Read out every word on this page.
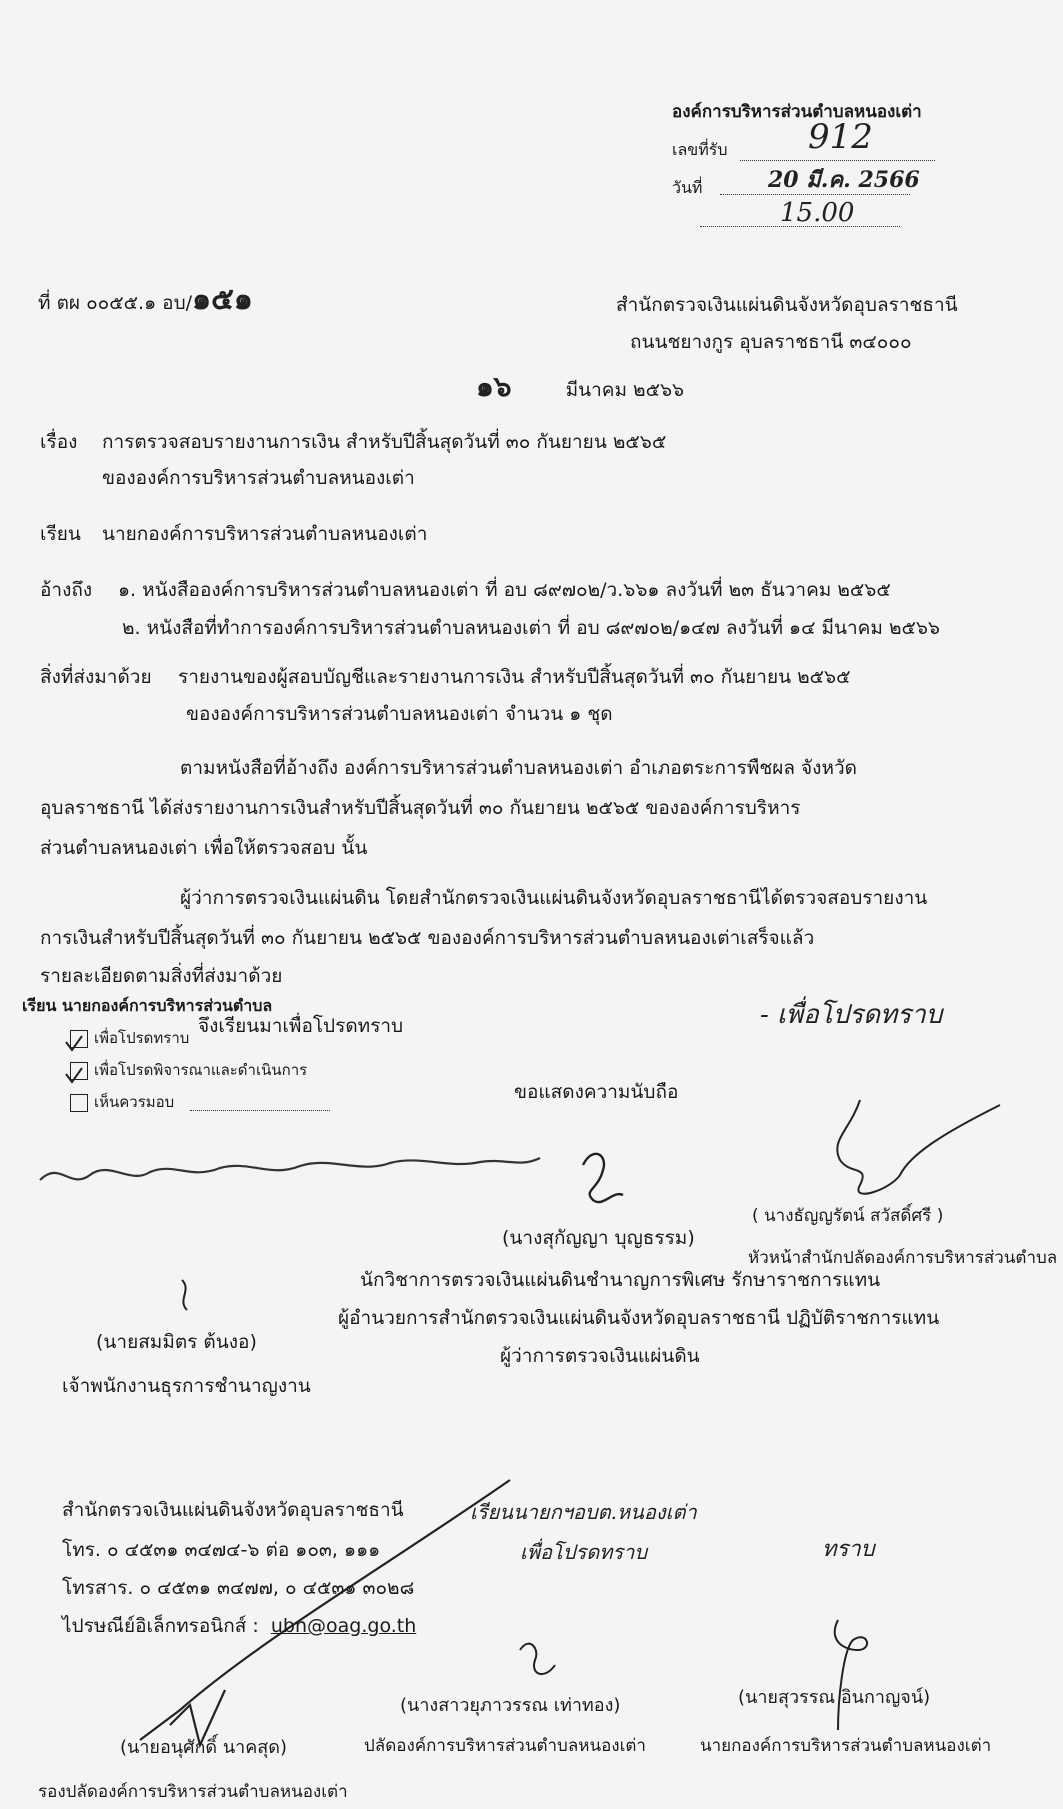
องค์การบริหารส่วนตำบลหนองเต่า
เลขที่รับ 912
วันที่	20 มี.ค. 2566
15.00
ที่ ตผ ๐๐๕๕.๑ อบ/๑๕๑	สำนักตรวจเงินแผ่นดินจังหวัดอุบลราชธานี
ถนนชยางกูร อุบลราชธานี ๓๔๐๐๐
๑๖	มีนาคม ๒๕๖๖
เรื่อง การตรวจสอบรายงานการเงิน สำหรับปีสิ้นสุดวันที่ ๓๐ กันยายน ๒๕๖๕
ขององค์การบริหารส่วนตำบลหนองเต่า
เรียน นายกองค์การบริหารส่วนตำบลหนองเต่า
อ้างถึง ๑. หนังสือองค์การบริหารส่วนตำบลหนองเต่า ที่ อบ ๘๙๗๐๒/ว.๖๖๑ ลงวันที่ ๒๓ ธันวาคม ๒๕๖๕
๒. หนังสือที่ทำการองค์การบริหารส่วนตำบลหนองเต่า ที่ อบ ๘๙๗๐๒/๑๔๗ ลงวันที่ ๑๔ มีนาคม ๒๕๖๖
สิ่งที่ส่งมาด้วย รายงานของผู้สอบบัญชีและรายงานการเงิน สำหรับปีสิ้นสุดวันที่ ๓๐ กันยายน ๒๕๖๕
ขององค์การบริหารส่วนตำบลหนองเต่า จำนวน ๑ ชุด
ตามหนังสือที่อ้างถึง องค์การบริหารส่วนตำบลหนองเต่า อำเภอตระการพืชผล จังหวัด
อุบลราชธานี ได้ส่งรายงานการเงินสำหรับปีสิ้นสุดวันที่ ๓๐ กันยายน ๒๕๖๕ ขององค์การบริหาร
ส่วนตำบลหนองเต่า เพื่อให้ตรวจสอบ นั้น
ผู้ว่าการตรวจเงินแผ่นดิน โดยสำนักตรวจเงินแผ่นดินจังหวัดอุบลราชธานีได้ตรวจสอบรายงาน
การเงินสำหรับปีสิ้นสุดวันที่ ๓๐ กันยายน ๒๕๖๕ ขององค์การบริหารส่วนตำบลหนองเต่าเสร็จแล้ว
รายละเอียดตามสิ่งที่ส่งมาด้วย
จึงเรียนมาเพื่อโปรดทราบ
ขอแสดงความนับถือ
เรียน นายกองค์การบริหารส่วนตำบล
เพื่อโปรดทราบ
เพื่อโปรดพิจารณาและดำเนินการ
เห็นควรมอบ
- เพื่อโปรดทราบ
เรียนนายกฯอบต.หนองเต่า
เพื่อโปรดทราบ	ทราบ
(นางสุกัญญา บุญธรรม)
นักวิชาการตรวจเงินแผ่นดินชำนาญการพิเศษ รักษาราชการแทน
ผู้อำนวยการสำนักตรวจเงินแผ่นดินจังหวัดอุบลราชธานี ปฏิบัติราชการแทน
ผู้ว่าการตรวจเงินแผ่นดิน
( นางธัญญรัตน์ สวัสดิ์ศรี )
หัวหน้าสำนักปลัดองค์การบริหารส่วนตำบล
(นายสมมิตร ต้นงอ)
เจ้าพนักงานธุรการชำนาญงาน
สำนักตรวจเงินแผ่นดินจังหวัดอุบลราชธานี
โทร. ๐ ๔๕๓๑ ๓๔๗๔-๖ ต่อ ๑๐๓, ๑๑๑
โทรสาร. ๐ ๔๕๓๑ ๓๔๗๗, ๐ ๔๕๓๑ ๓๐๒๘
ไปรษณีย์อิเล็กทรอนิกส์ : ubn@oag.go.th
(นางสาวยุภาวรรณ เท่าทอง)	(นายสุวรรณ อินกาญจน์)
(นายอนุศักดิ์ นาคสุด)	ปลัดองค์การบริหารส่วนตำบลหนองเต่า	นายกองค์การบริหารส่วนตำบลหนองเต่า
รองปลัดองค์การบริหารส่วนตำบลหนองเต่า
